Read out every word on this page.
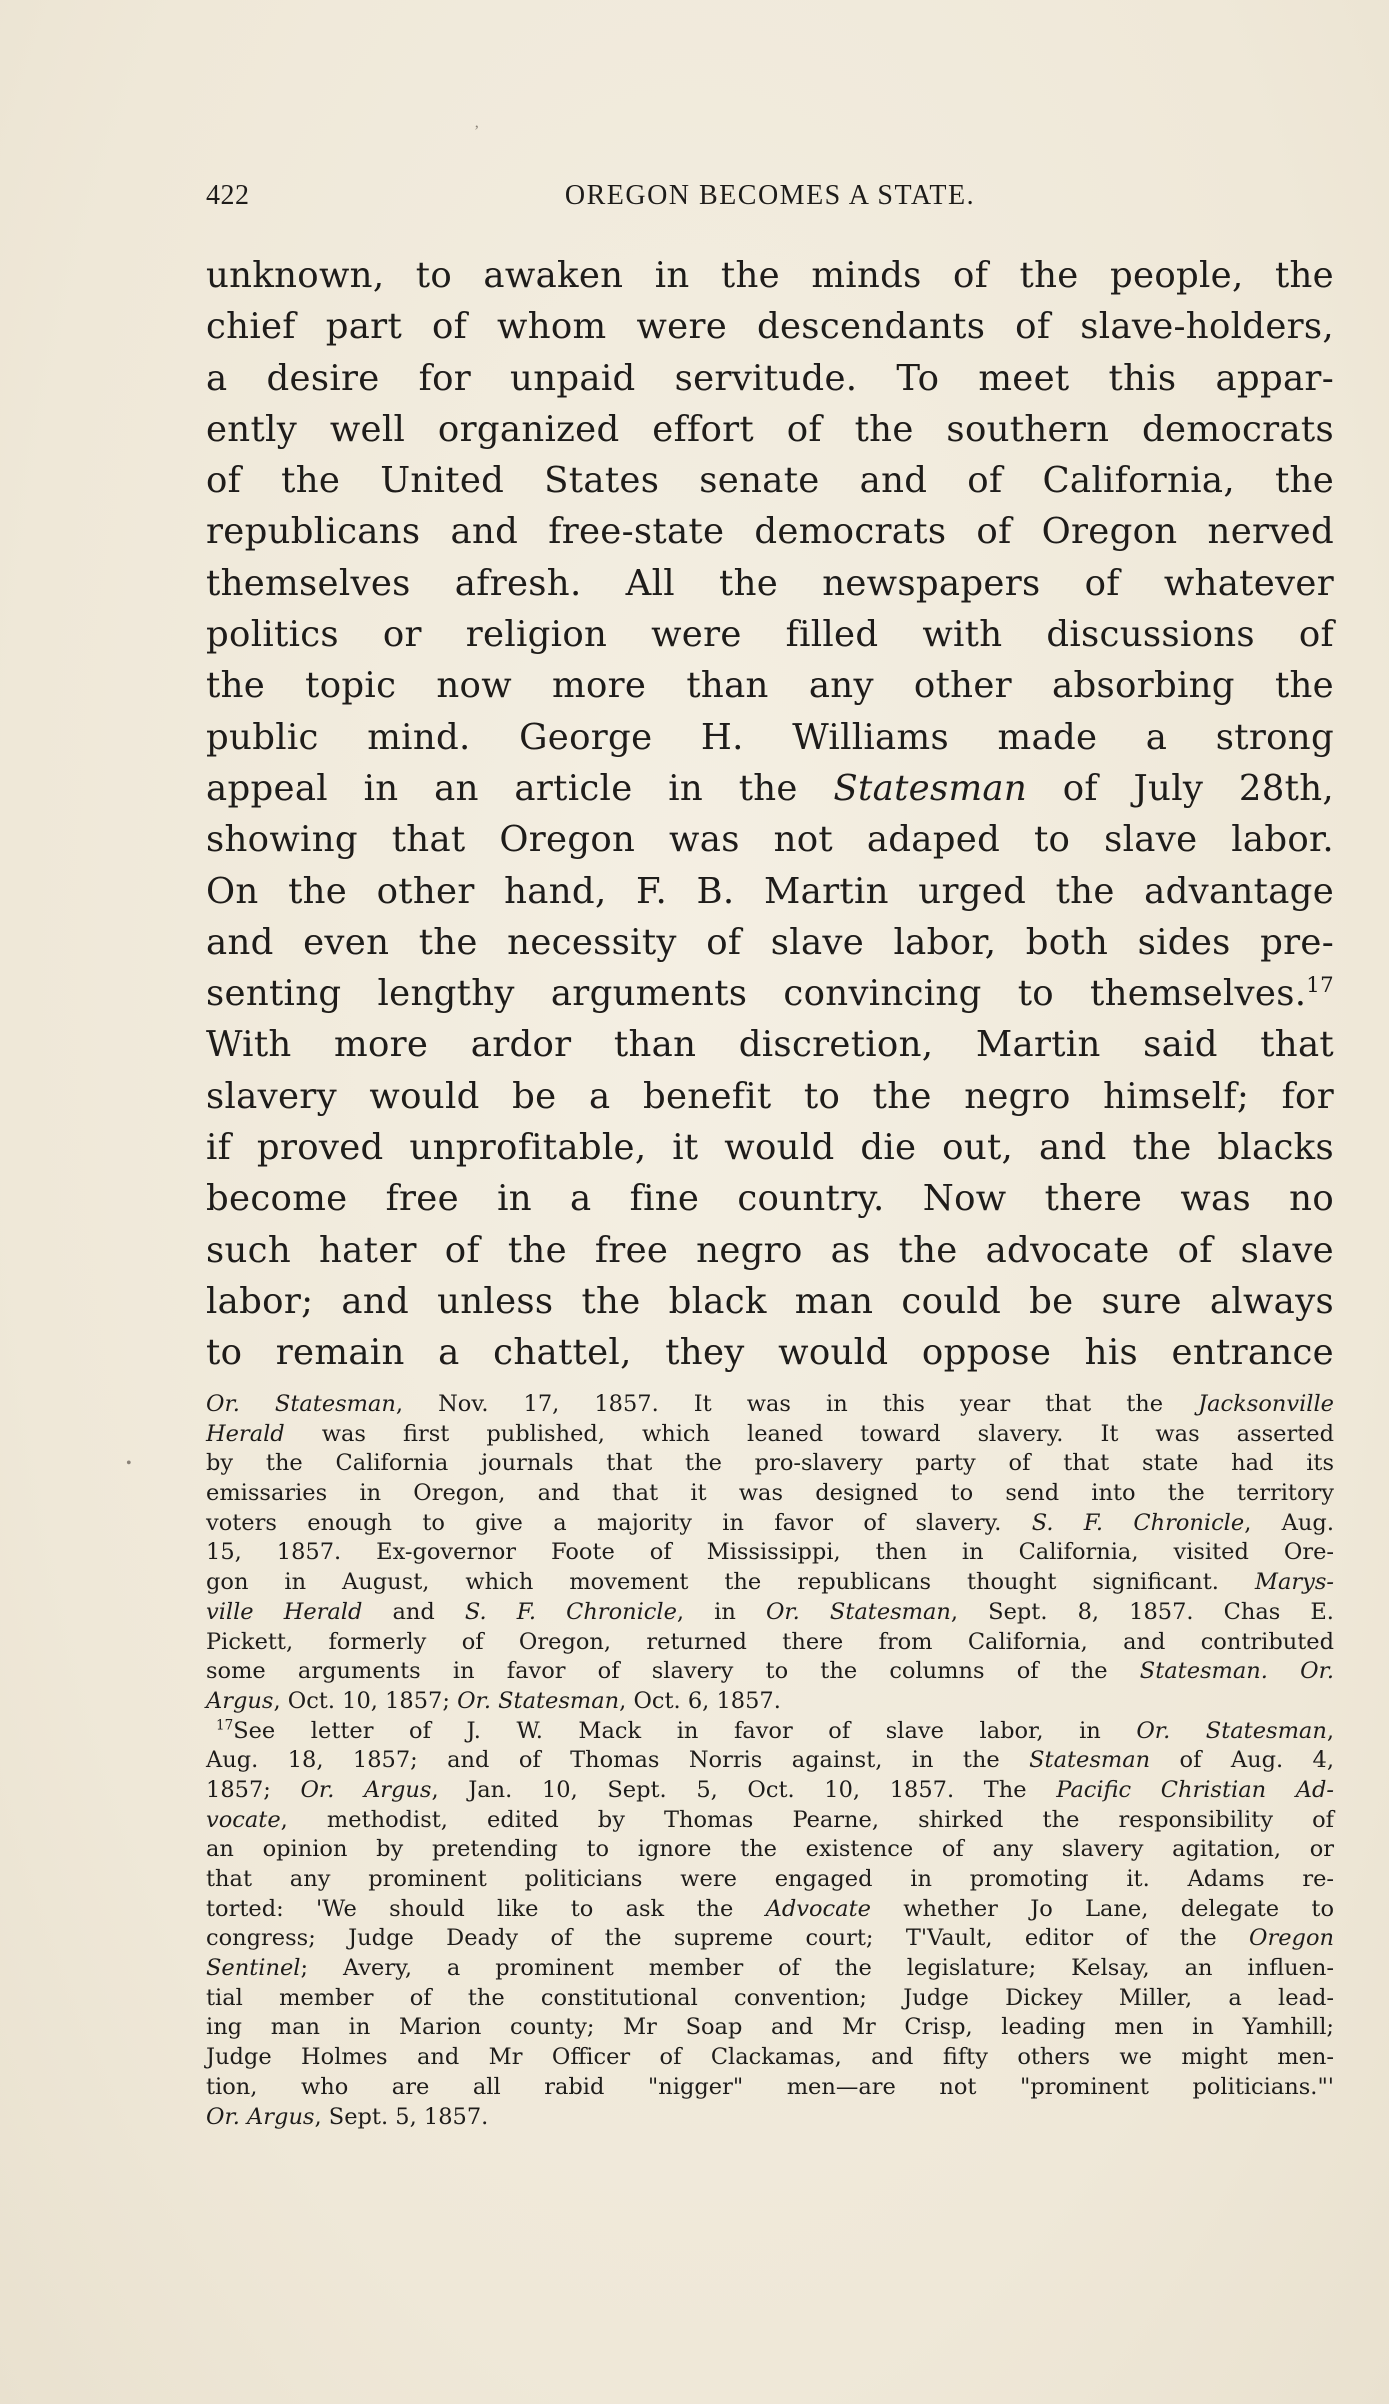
ʼ
•
422	OREGON BECOMES A STATE.
unknown, to awaken in the minds of the people, the
chief part of whom were descendants of slave-holders,
a desire for unpaid servitude. To meet this appar-
ently well organized effort of the southern democrats
of the United States senate and of California, the
republicans and free-state democrats of Oregon nerved
themselves afresh. All the newspapers of whatever
politics or religion were filled with discussions of
the topic now more than any other absorbing the
public mind. George H. Williams made a strong
appeal in an article in the Statesman of July 28th,
showing that Oregon was not adaped to slave labor.
On the other hand, F. B. Martin urged the advantage
and even the necessity of slave labor, both sides pre-
senting lengthy arguments convincing to themselves.$^{17}$
With more ardor than discretion, Martin said that
slavery would be a benefit to the negro himself; for
if proved unprofitable, it would die out, and the blacks
become free in a fine country. Now there was no
such hater of the free negro as the advocate of slave
labor; and unless the black man could be sure always
to remain a chattel, they would oppose his entrance
Or. Statesman, Nov. 17, 1857. It was in this year that the Jacksonville
Herald was first published, which leaned toward slavery. It was asserted
by the California journals that the pro-slavery party of that state had its
emissaries in Oregon, and that it was designed to send into the territory
voters enough to give a majority in favor of slavery. S. F. Chronicle, Aug.
15, 1857. Ex-governor Foote of Mississippi, then in California, visited Ore-
gon in August, which movement the republicans thought significant. Marys-
ville Herald and S. F. Chronicle, in Or. Statesman, Sept. 8, 1857. Chas E.
Pickett, formerly of Oregon, returned there from California, and contributed
some arguments in favor of slavery to the columns of the Statesman. Or.
Argus, Oct. 10, 1857; Or. Statesman, Oct. 6, 1857.
$^{17}$See letter of J. W. Mack in favor of slave labor, in Or. Statesman,
Aug. 18, 1857; and of Thomas Norris against, in the Statesman of Aug. 4,
1857; Or. Argus, Jan. 10, Sept. 5, Oct. 10, 1857. The Pacific Christian Ad-
vocate, methodist, edited by Thomas Pearne, shirked the responsibility of
an opinion by pretending to ignore the existence of any slavery agitation, or
that any prominent politicians were engaged in promoting it. Adams re-
torted: 'We should like to ask the Advocate whether Jo Lane, delegate to
congress; Judge Deady of the supreme court; T'Vault, editor of the Oregon
Sentinel; Avery, a prominent member of the legislature; Kelsay, an influen-
tial member of the constitutional convention; Judge Dickey Miller, a lead-
ing man in Marion county; Mr Soap and Mr Crisp, leading men in Yamhill;
Judge Holmes and Mr Officer of Clackamas, and fifty others we might men-
tion, who are all rabid "nigger" men—are not "prominent politicians."'
Or. Argus, Sept. 5, 1857.
